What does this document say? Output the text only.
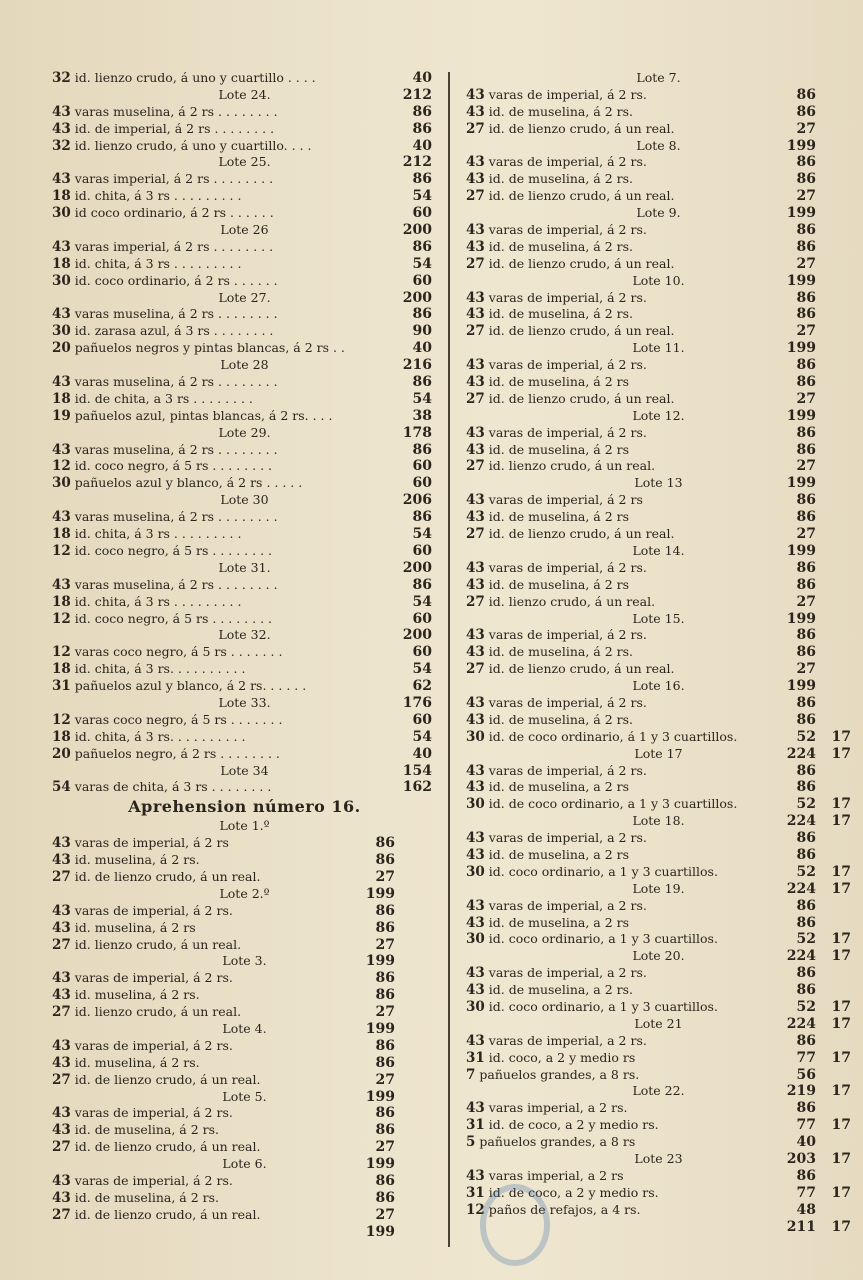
32 id. lienzo crudo, á uno y cuartillo . . . .	40
Lote 24.	212
43 varas muselina, á 2 rs . . . . . . . .	86
43 id. de imperial, á 2 rs . . . . . . . .	86
32 id. lienzo crudo, á uno y cuartillo. . . .	40
Lote 25.	212
43 varas imperial, á 2 rs . . . . . . . .	86
18 id. chita, á 3 rs . . . . . . . . .	54
30 id coco ordinario, á 2 rs . . . . . .	60
Lote 26	200
43 varas imperial, á 2 rs . . . . . . . .	86
18 id. chita, á 3 rs . . . . . . . . .	54
30 id. coco ordinario, á 2 rs . . . . . .	60
Lote 27.	200
43 varas muselina, á 2 rs . . . . . . . .	86
30 id. zarasa azul, á 3 rs . . . . . . . .	90
20 pañuelos negros y pintas blancas, á 2 rs . .	40
Lote 28	216
43 varas muselina, á 2 rs . . . . . . . .	86
18 id. de chita, a 3 rs . . . . . . . .	54
19 pañuelos azul, pintas blancas, á 2 rs. . . .	38
Lote 29.	178
43 varas muselina, á 2 rs . . . . . . . .	86
12 id. coco negro, á 5 rs . . . . . . . .	60
30 pañuelos azul y blanco, á 2 rs . . . . .	60
Lote 30	206
43 varas muselina, á 2 rs . . . . . . . .	86
18 id. chita, á 3 rs . . . . . . . . .	54
12 id. coco negro, á 5 rs . . . . . . . .	60
Lote 31.	200
43 varas muselina, á 2 rs . . . . . . . .	86
18 id. chita, á 3 rs . . . . . . . . .	54
12 id. coco negro, á 5 rs . . . . . . . .	60
Lote 32.	200
12 varas coco negro, á 5 rs . . . . . . .	60
18 id. chita, á 3 rs. . . . . . . . . .	54
31 pañuelos azul y blanco, á 2 rs. . . . . .	62
Lote 33.	176
12 varas coco negro, á 5 rs . . . . . . .	60
18 id. chita, á 3 rs. . . . . . . . . .	54
20 pañuelos negro, á 2 rs . . . . . . . .	40
Lote 34	154
54 varas de chita, á 3 rs . . . . . . . .	162
Aprehension número 16.
Lote 1.º
43 varas de imperial, á 2 rs	86
43 id. muselina, á 2 rs.	86
27 id. de lienzo crudo, á un real.	27
Lote 2.º	199
43 varas de imperial, á 2 rs.	86
43 id. muselina, á 2 rs	86
27 id. lienzo crudo, á un real.	27
Lote 3.	199
43 varas de imperial, á 2 rs.	86
43 id. muselina, á 2 rs.	86
27 id. lienzo crudo, á un real.	27
Lote 4.	199
43 varas de imperial, á 2 rs.	86
43 id. muselina, á 2 rs.	86
27 id. de lienzo crudo, á un real.	27
Lote 5.	199
43 varas de imperial, á 2 rs.	86
43 id. de muselina, á 2 rs.	86
27 id. de lienzo crudo, á un real.	27
Lote 6.	199
43 varas de imperial, á 2 rs.	86
43 id. de muselina, á 2 rs.	86
27 id. de lienzo crudo, á un real.	27
199
Lote 7.
43 varas de imperial, á 2 rs.	86
43 id. de muselina, á 2 rs.	86
27 id. de lienzo crudo, á un real.	27
Lote 8.	199
43 varas de imperial, á 2 rs.	86
43 id. de muselina, á 2 rs.	86
27 id. de lienzo crudo, á un real.	27
Lote 9.	199
43 varas de imperial, á 2 rs.	86
43 id. de muselina, á 2 rs.	86
27 id. de lienzo crudo, á un real.	27
Lote 10.	199
43 varas de imperial, á 2 rs.	86
43 id. de muselina, á 2 rs.	86
27 id. de lienzo crudo, á un real.	27
Lote 11.	199
43 varas de imperial, á 2 rs.	86
43 id. de muselina, á 2 rs	86
27 id. de lienzo crudo, á un real.	27
Lote 12.	199
43 varas de imperial, á 2 rs.	86
43 id. de muselina, á 2 rs	86
27 id. lienzo crudo, á un real.	27
Lote 13	199
43 varas de imperial, á 2 rs	86
43 id. de muselina, á 2 rs	86
27 id. de lienzo crudo, á un real.	27
Lote 14.	199
43 varas de imperial, á 2 rs.	86
43 id. de muselina, á 2 rs	86
27 id. lienzo crudo, á un real.	27
Lote 15.	199
43 varas de imperial, á 2 rs.	86
43 id. de muselina, á 2 rs.	86
27 id. de lienzo crudo, á un real.	27
Lote 16.	199
43 varas de imperial, á 2 rs.	86
43 id. de muselina, á 2 rs.	86
30 id. de coco ordinario, á 1 y 3 cuartillos.	52	17
Lote 17	224	17
43 varas de imperial, á 2 rs.	86
43 id. de muselina, a 2 rs	86
30 id. de coco ordinario, a 1 y 3 cuartillos.	52	17
Lote 18.	224	17
43 varas de imperial, a 2 rs.	86
43 id. de muselina, a 2 rs	86
30 id. coco ordinario, a 1 y 3 cuartillos.	52	17
Lote 19.	224	17
43 varas de imperial, a 2 rs.	86
43 id. de muselina, a 2 rs	86
30 id. coco ordinario, a 1 y 3 cuartillos.	52	17
Lote 20.	224	17
43 varas de imperial, a 2 rs.	86
43 id. de muselina, a 2 rs.	86
30 id. coco ordinario, a 1 y 3 cuartillos.	52	17
Lote 21	224	17
43 varas de imperial, a 2 rs.	86
31 id. coco, a 2 y medio rs	77	17
7 pañuelos grandes, a 8 rs.	56
Lote 22.	219	17
43 varas imperial, a 2 rs.	86
31 id. de coco, a 2 y medio rs.	77	17
5 pañuelos grandes, a 8 rs	40
Lote 23	203	17
43 varas imperial, a 2 rs	86
31 id. de coco, a 2 y medio rs.	77	17
12 paños de refajos, a 4 rs.	48
211	17
